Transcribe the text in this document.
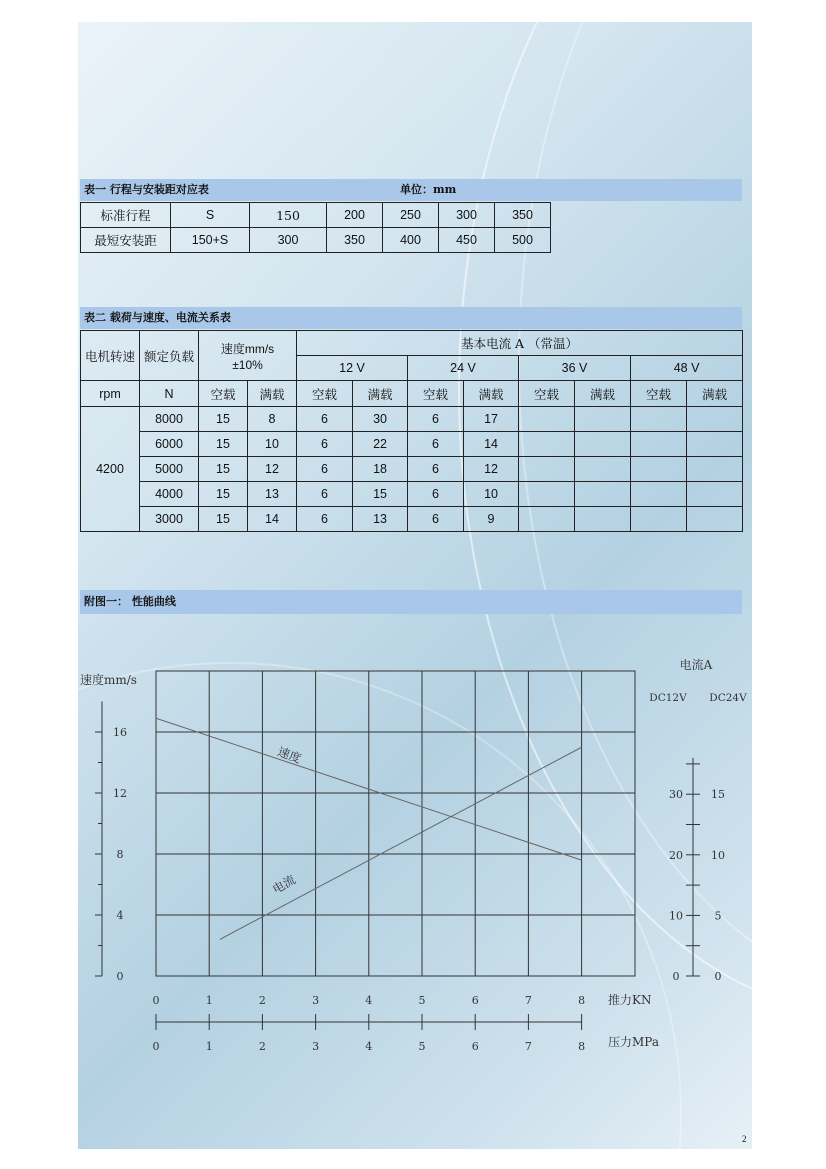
表一 行程与安装距对应表	单位：mm
标准行程	S	150	200	250	300	350
最短安装距	150+S	300	350	400	450	500
表二 载荷与速度、电流关系表
电机转速	额定负载	速度mm/s
±10%		基本电流 A （常温）							
				12 V		24 V		36 V		48 V	
rpm	N	空载	满载	空载	满载	空载	满载	空载	满载	空载	满载
4200	8000	15	8	6	30	6	17				
	6000	15	10	6	22	6	14				
	5000	15	12	6	18	6	12				
	4000	15	13	6	15	6	10				
	3000	15	14	6	13	6	9				
附图一： 性能曲线
速度mm/s
0
4
8
12
16
电流A
DC12V DC24V
0
10
20
30
0
5
10
15
0	1	2	3	4	5	6	7	8
0	1	2	3	4	5	6	7	8
推力KN
压力MPa
速度
电流
2
